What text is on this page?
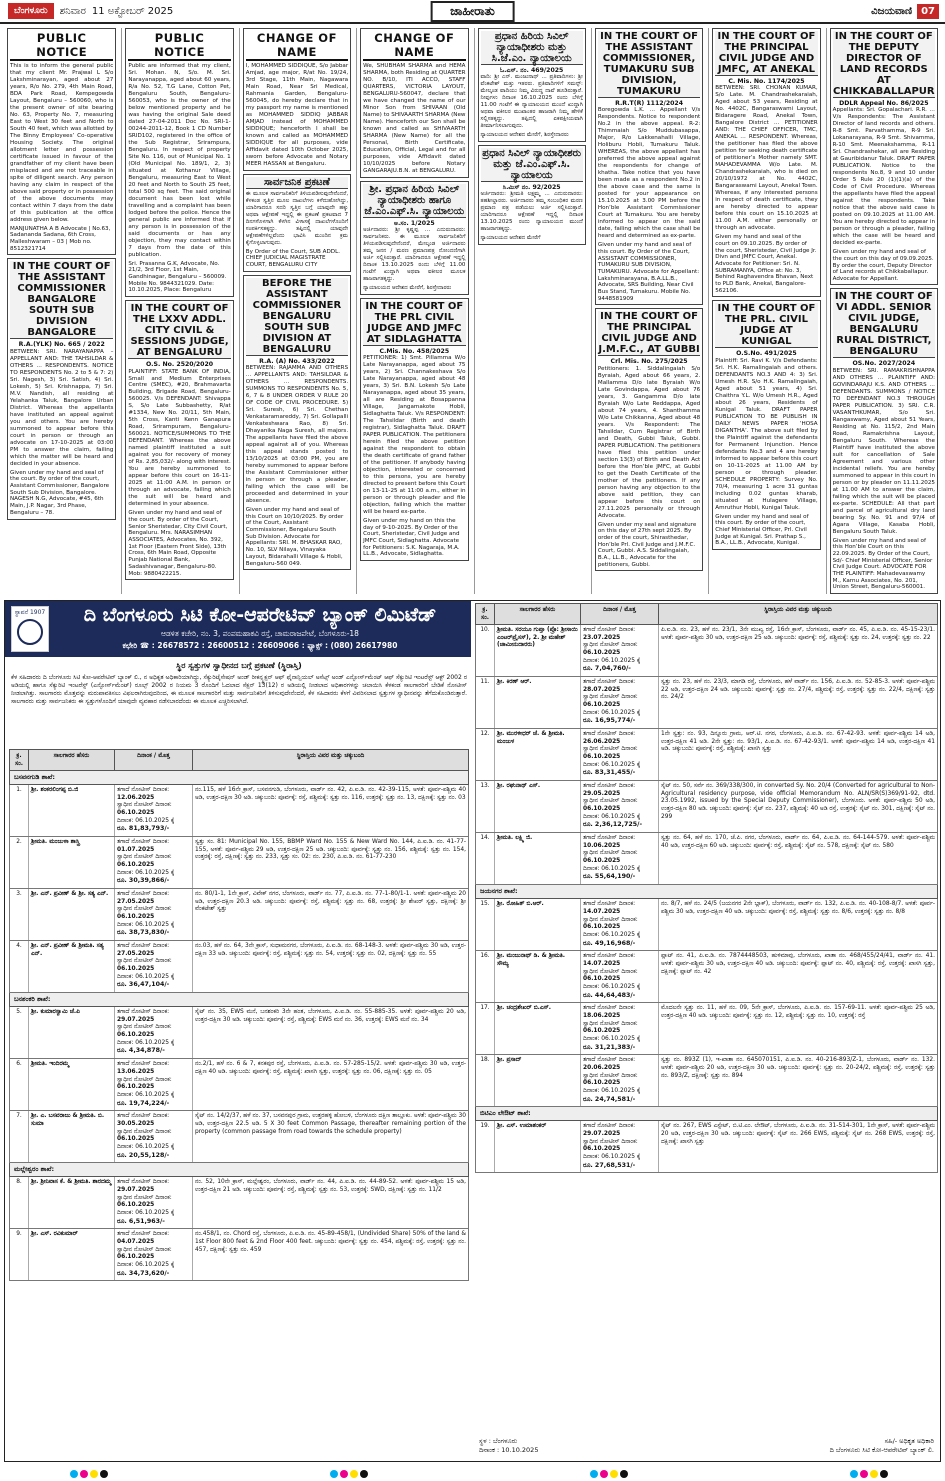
ಬೆಂಗಳೂರು	ಶನಿವಾರ 11 ಅಕ್ಟೋಬರ್ 2025	ಜಾಹೀರಾತು	ವಿಜಯವಾಣಿ 07
PUBLIC NOTICE
This is to inform the general public that my client Mr. Prajwal L S/o Lakshminarayan, aged about 27 years, R/o No. 279, 4th Main Road, BDA Park Road, Kempegowda Layout, Bengaluru – 560060, who is the present owner of site bearing No. 63, Property No. 7, measuring East to West 30 feet and North to South 40 feet, which was allotted by The Binny Employees’ Co-operative Housing Society. The original allotment letter and possession certificate issued in favour of the grandfather of my client have been misplaced and are not traceable in spite of diligent search. Any person having any claim in respect of the above said property or in possession of the above documents may contact within 7 days from the date of this publication at the office address given below.
MANJUNATHA A B Advocate | No.63, Sadananda Sadana, 6th Cross, Malleshwaram – 03 | Mob no. 8512321714
IN THE COURT OF THE ASSISTANT COMMISSIONER BANGALORE SOUTH SUB DIVISION BANGALORE
R.A.(YLK) No. 665 / 2022
BETWEEN: SRI. NARAYANAPPA – APPELLANT AND: THE TAHSILDAR & OTHERS … RESPONDENTS. NOTICE TO RESPONDENTS No. 2 to 5 & 7: 2) Sri. Nagesh, 3) Sri. Satish, 4) Sri. Lokesh, 5) Sri. Krishnappa, 7) Sri. M.V. Nandish, all residing at Yelahanka Taluk, Bangalore Urban District. Whereas the appellants have instituted an appeal against you and others. You are hereby summoned to appear before this court in person or through an advocate on 17-10-2025 at 03:00 PM to answer the claim, failing which the matter will be heard and decided in your absence.
Given under my hand and seal of the court. By order of the court, Assistant Commissioner, Bangalore South Sub Division, Bangalore. NAGESH N.G, Advocate, #45, 6th Main, J.P. Nagar, 3rd Phase, Bengaluru – 78.
PUBLIC NOTICE
Public are informed that my client, Sri. Mohan. N, S/o. M. Sri. Narayanappa, aged about 60 years, R/a No. 52, T.G Lane, Cotton Pet, Bengaluru South, Bengaluru-560053, who is the owner of the below mentioned property and he was having the original Sale deed dated 27-04-2011 Doc No. SRI-1-00244-2011-12, Book 1 CD Number SRID102, registered in the office of the Sub Registrar, Srirampura, Bengaluru. In respect of property Site No. 116, out of Municipal No. 1 (Old Municipal No. 189/1, 2, 3) situated at Kothanur Village, Bengaluru, measuring East to West 20 feet and North to South 25 feet, total 500 sq feet. The said original document has been lost while travelling and a complaint has been lodged before the police. Hence the general public are informed that if any person is in possession of the said documents or has any objection, they may contact within 7 days from the date of this publication.
Sri. Prasanna G.K, Advocate, No. 21/2, 3rd Floor, 1st Main, Gandhinagar, Bengaluru – 560009. Mobile No. 9844321029. Date: 10.10.2025, Place: Bengaluru
IN THE COURT OF THE LXXV ADDL. CITY CIVIL & SESSIONS JUDGE, AT BENGALURU
O.S. No. 2520/2020
PLAINTIFF: STATE BANK OF INDIA, Small and Medium Enterprises Centre (SMEC), #20, Brahmavarta Building, Brigade Road, Bengaluru-560025. V/s DEFENDANT: Shivappa S, S/o Late Subbashetty, R/at #1334, New No. 20/11, 5th Main, 5th Cross, Kanti Kenn Ganapura Road, Srirampuram, Bengaluru-560021. NOTICE/SUMMONS TO THE DEFENDANT. Whereas the above named plaintiff instituted a suit against you for recovery of money of Rs. 2,85,032/- along with interest. You are hereby summoned to appear before this court on 16-11-2025 at 11:00 A.M. in person or through an advocate, failing which the suit will be heard and determined in your absence.
Given under my hand and seal of the court. By order of the Court, Senior Sheristedar, City Civil Court, Bengaluru. Mrs. NARASIMHAN ASSOCIATES, Advocates, No. 392, 1st Floor (Eastern Front Side), 13th Cross, 6th Main Road, Opposite Punjab National Bank, Sadashivanagar, Bengaluru-80. Mob: 9880422215.
CHANGE OF NAME
I, MOHAMMED SIDDIQUE, S/o Jabbar Amjad, age major, R/at No. 19/24, 3rd Stage, 11th Main, Nagawara Main Road, Near Sri Medical, Rahmania Garden, Bengaluru-560045, do hereby declare that in my passport my name is mentioned as MOHAMMED SIDDIQ JABBAR AMJAD instead of MOHAMMED SIDDIQUE; henceforth I shall be known and called as MOHAMMED SIDDIQUE for all purposes, vide Affidavit dated 10th October 2025, sworn before Advocate and Notary MEER HASSAN at Bengaluru.
ಸಾರ್ವಜನಿಕ ಪ್ರಕಟಣೆ
ಈ ಮೂಲಕ ಸಾರ್ವಜನಿಕರಿಗೆ ತಿಳಿಯಪಡಿಸುವುದೇನೆಂದರೆ, ಕೆಳಕಂಡ ಸ್ವತ್ತಿನ ಮೂಲ ದಾಖಲೆಗಳು ಕಳೆದುಹೋಗಿದ್ದು, ಯಾರಿಗಾದರೂ ಸದರಿ ಸ್ವತ್ತಿನ ಬಗ್ಗೆ ಯಾವುದೇ ಹಕ್ಕು ಅಥವಾ ಆಕ್ಷೇಪಣೆ ಇದ್ದಲ್ಲಿ ಈ ಪ್ರಕಟಣೆ ಪ್ರಕಟವಾದ 7 ದಿನಗಳೊಳಗಾಗಿ ಕೆಳಗಿನ ವಿಳಾಸಕ್ಕೆ ದಾಖಲೆಗಳೊಂದಿಗೆ ಸಂಪರ್ಕಿಸತಕ್ಕದ್ದು. ತಪ್ಪಿದಲ್ಲಿ ಯಾವುದೇ ಆಕ್ಷೇಪಣೆಗಳಿಲ್ಲವೆಂದು ಭಾವಿಸಿ ಮುಂದಿನ ಕ್ರಮ ಕೈಗೊಳ್ಳಲಾಗುವುದು.
By Order of the Court, SUB ADDL. CHIEF JUDICIAL MAGISTRATE COURT, BENGALURU CITY
BEFORE THE ASSISTANT COMMISSIONER BENGALURU SOUTH SUB DIVISION AT BENGALURU
R.A. (A) No. 433/2022
BETWEEN: RAJAMMA AND OTHERS … APPELLANTS AND: TAHSILDAR & OTHERS … RESPONDENTS. SUMMONS TO RESPONDENTS No. 5, 6, 7 & 8 UNDER ORDER V RULE 20 OF CODE OF CIVIL PROCEDURE. 5) Sri. Suresh, 6) Sri. Chethan Venkataramareddy, 7) Sri. Gollapalli Venkateshwara Rao, 8) Sri. Dhayanika Naga Suresh, all majors. The appellants have filed the above appeal against all of you. Whereas this appeal stands posted to 13/10/2025 at 03:00 PM, you are hereby summoned to appear before the Assistant Commissioner either in person or through a pleader, failing which the case will be proceeded and determined in your absence.
Given under my hand and seal of this Court on 10/10/2025. By order of the Court, Assistant Commissioner, Bengaluru South Sub Division. Advocate for Appellants: SRI. M. BHASKAR RAO, No. 10, SLV Nilaya, Vinayaka Layout, Bidarahalli Village & Hobli, Bengaluru-560 049.
CHANGE OF NAME
We, SHUBHAM SHARMA and HEMA SHARMA, both Residing at QUARTER NO. B/10, ITI ACCO, STAFF QUARTERS, VICTORIA LAYOUT, BENGALURU-560047, declare that we have changed the name of our Minor Son from SHIVAAN (Old Name) to SHIVAARTH SHARMA (New Name). Henceforth our Son shall be known and called as SHIVAARTH SHARMA (New Name) for all the Personal, Birth Certificate, Education, Official, Legal and for all purposes, vide Affidavit dated 10/10/2025 before Notary GANGARAJU.B.N. at BENGALURU.
ಶ್ರೀ. ಪ್ರಧಾನ ಹಿರಿಯ ಸಿವಿಲ್ ನ್ಯಾಯಾಧೀಶರು ಹಾಗೂ ಜೆ.ಎಂ.ಎಫ್.ಸಿ. ನ್ಯಾಯಾಲಯ
ಅ.ಸಂ. 1/2025
ಅರ್ಜಿದಾರರು: ಶ್ರೀ ಕೃಷ್ಣಪ್ಪ ... ಎದುರುದಾರರು: ಸಾರ್ವಜನಿಕರು. ಈ ಮೂಲಕ ಸಾರ್ವಜನಿಕರಿಗೆ ತಿಳಿಯಪಡಿಸುವುದೇನೆಂದರೆ, ಮೇಲ್ಕಂಡ ಅರ್ಜಿದಾರರು ತಮ್ಮ ಜನನ / ಮರಣ ಪ್ರಮಾಣಪತ್ರ ನೋಂದಣಿಗಾಗಿ ಅರ್ಜಿ ಸಲ್ಲಿಸಿರುತ್ತಾರೆ. ಯಾರಿಗಾದರೂ ಆಕ್ಷೇಪಣೆ ಇದ್ದಲ್ಲಿ ದಿನಾಂಕ 13.10.2025 ರಂದು ಬೆಳಿಗ್ಗೆ 11.00 ಗಂಟೆಗೆ ಖುದ್ದಾಗಿ ಅಥವಾ ವಕೀಲರ ಮೂಲಕ ಹಾಜರಾಗತಕ್ಕದ್ದು.
ನ್ಯಾಯಾಲಯದ ಆದೇಶದ ಮೇರೆಗೆ, ಶಿರಸ್ತೇದಾರರು
IN THE COURT OF THE PRL CIVIL JUDGE AND JMFC AT SIDLAGHATTA
C.Mis. No. 458/2025
PETITIONER: 1) Smt. Pillamma W/o Late Narayanappa, aged about 75 years, 2) Sri. Channakeshava S/o Late Narayanappa, aged about 48 years, 3) Sri. B.N. Lokesh S/o Late Narayanappa, aged about 35 years, all are Residing at Bosappanna Village, Jangamakote Hobli, Sidlaghatta Taluk. V/s RESPONDENT: The Tahsildar (Birth and death registrar), Sidlaghatta Taluk. DRAFT PAPER PUBLICATION. The petitioners herein filed the above petition against the respondent to obtain the death certificate of grand father of the petitioner. If anybody having objection, interested or concerned to this persons, you are hereby directed to present before this Court on 13-11-25 at 11:00 a.m., either in person or through pleader and file objection, failing which the matter will be heard ex-parte.
Given under my hand on this the day of 9-10-2025. By Order of the Court, Sheristedar, Civil Judge and JMFC Court, Sidlaghatta. Advocate for Petitioners: S.K. Nagaraja, M.A. LL.B., Advocate, Sidlaghatta.
ಪ್ರಧಾನ ಹಿರಿಯ ಸಿವಿಲ್ ನ್ಯಾಯಾಧೀಶರು ಮತ್ತು ಸಿ.ಜೆ.ಎಂ. ನ್ಯಾಯಾಲಯ
ಓ.ಎಸ್. ನಂ. 469/2025
ವಾದಿ: ಶ್ರೀ ಎನ್. ಮಂಜುನಾಥ್ ... ಪ್ರತಿವಾದಿಗಳು: ಶ್ರೀ ವೆಂಕಟೇಶ್ ಮತ್ತು ಇತರರು. ಪ್ರತಿವಾದಿಗಳಿಗೆ ಸಮನ್ಸ್: ಮೇಲ್ಕಂಡ ವಾದಿಯು ನಿಮ್ಮ ವಿರುದ್ಧ ದಾವೆ ಹೂಡಿರುತ್ತಾರೆ. ನೀವುಗಳು ದಿನಾಂಕ 16.10.2025 ರಂದು ಬೆಳಿಗ್ಗೆ 11.00 ಗಂಟೆಗೆ ಈ ನ್ಯಾಯಾಲಯದ ಮುಂದೆ ಖುದ್ದಾಗಿ ಅಥವಾ ವಕೀಲರ ಮುಖಾಂತರ ಹಾಜರಾಗಿ ನಿಮ್ಮ ಹೇಳಿಕೆ ಸಲ್ಲಿಸತಕ್ಕದ್ದು. ತಪ್ಪಿದಲ್ಲಿ ಏಕಪಕ್ಷೀಯವಾಗಿ ತೀರ್ಮಾನಿಸಲಾಗುವುದು.
ನ್ಯಾಯಾಲಯದ ಆದೇಶದ ಮೇರೆಗೆ, ಶಿರಸ್ತೇದಾರರು
ಪ್ರಧಾನ ಸಿವಿಲ್ ನ್ಯಾಯಾಧೀಶರು ಮತ್ತು ಜೆ.ಎಂ.ಎಫ್.ಸಿ. ನ್ಯಾಯಾಲಯ
ಸಿ.ಮಿಸ್ ನಂ. 92/2025
ಅರ್ಜಿದಾರರು: ಶ್ರೀಮತಿ ಲಕ್ಷ್ಮಮ್ಮ ... ಎದುರುದಾರರು: ತಹಶೀಲ್ದಾರರು. ಅರ್ಜಿದಾರರು ತಮ್ಮ ಸಂಬಂಧಿಕರ ಮರಣ ಪ್ರಮಾಣ ಪತ್ರ ಪಡೆಯಲು ಅರ್ಜಿ ಸಲ್ಲಿಸಿರುತ್ತಾರೆ. ಯಾರಿಗಾದರೂ ಆಕ್ಷೇಪಣೆ ಇದ್ದಲ್ಲಿ ದಿನಾಂಕ 13.10.2025 ರಂದು ನ್ಯಾಯಾಲಯದ ಮುಂದೆ ಹಾಜರಾಗತಕ್ಕದ್ದು.
ನ್ಯಾಯಾಲಯದ ಆದೇಶದ ಮೇರೆಗೆ
IN THE COURT OF THE ASSISTANT COMMISSIONER, TUMAKURU SUB DIVISION, TUMAKURU
R.R.T(R) 1112/2024
Boregowda L.K. … Appellant V/s Respondents. Notice to respondent No.2 in the above appeal. R-2: Thimmaiah S/o Muddubasappa, Major, R/o Lakkenahalli Village, Holiburu Hobli, Tumakuru Taluk. WHEREAS, the above appellant has preferred the above appeal against the respondents for change of khatha. Take notice that you have been made as a respondent No.2 in the above case and the same is posted for your appearance on 15.10.2025 at 3.00 PM before the Hon’ble Assistant Commissioner Court at Tumakuru. You are hereby informed to appear on the said date, failing which the case shall be heard and determined as ex-parte.
Given under my hand and seal of this court. By Order of the Court, ASSISTANT COMMISSIONER, TUMAKURU SUB DIVISION, TUMAKURU. Advocate for Appellant: Lakshminarayana, B.A.LL.B., Advocate, SRS Building, Near Civil Bus Stand, Tumakuru. Mobile No. 9448581909
IN THE COURT OF THE PRINCIPAL CIVIL JUDGE AND J.M.F.C., AT GUBBI
Crl. Mis. No. 275/2025
Petitioners: 1. Siddalingaiah S/o Byraiah, Aged about 66 years, 2. Mallamma D/o late Byraiah W/o Late Govindappa, Aged about 76 years, 3. Gangamma D/o late Byraiah W/o Late Reddappa, Aged about 74 years, 4. Shanthamma W/o Late Chikkanna, Aged about 48 years. V/s Respondent: The Tahsildar, Cum Registrar of Birth and Death, Gubbi Taluk, Gubbi. PAPER PUBLICATION. The petitioners have filed this petition under section 13(3) of Birth and Death Act before the Hon’ble JMFC, at Gubbi to get the Death Certificate of the mother of the petitioners. If any person having any objection to the above said petition, they can appear before this court on 27.11.2025 personally or through Advocate.
Given under my seal and signature on this day of 27th sept 2025. By order of the court, Shirasthedar, Hon’ble Prl. Civil Judge and J.M.F.C. Court, Gubbi. A.S. Siddalingaiah, B.A., LL.B., Advocate for the petitioners, Gubbi.
IN THE COURT OF THE PRINCIPAL CIVIL JUDGE AND JMFC, AT ANEKAL
C. Mis. No. 1174/2025
BETWEEN: SRI. CHONAN KUMAR, S/o Late. M. Chandrashekaraiah, Aged about 53 years, Residing at No. 4402C, Bangaraswami Layout, Bidaragere Road, Anekal Town, Bangalore District … PETITIONER AND: THE CHIEF OFFICER, TMC, ANEKAL … RESPONDENT. Whereas, the petitioner has filed the above petition for seeking death certificate of petitioner’s Mother namely SMT. MAHADEVAMMA W/o Late. M. Chandrashekaraiah, who is died on 20/10/1972 at No. 4402C, Bangaraswami Layout, Anekal Town. Whereas, if any interested persons in respect of death certificate, they are hereby directed to appear before this court on 15.10.2025 at 11.00 A.M. either personally or through an advocate.
Given my hand and seal of the court on 09.10.2025. By order of the court, Sheristedar, Civil Judge Jr. Divn and JMFC Court, Anekal. Advocate for Petitioner: Sri. N. SUBRAMANYA, Office at: No. 3, Behind Raghavendra Bhavan, Next to PLD Bank, Anekal, Bangalore-562106.
IN THE COURT OF THE PRL. CIVIL JUDGE AT KUNIGAL
O.S.No. 491/2025
Plaintiff: Sri. Ravi K. V/s Defendants: Sri. H.K. Ramalingaiah and others. DEFENDANTS NO.3 AND 4: 3) Sri. Umesh H.R. S/o H.K. Ramalingaiah, Aged about 51 years, 4) Sri. Chaithra Y.L. W/o Umesh H.R., Aged about 26 years, Residents of Kunigal Taluk. DRAFT PAPER PUBLICATION TO BE PUBLISH IN DAILY NEWS PAPER ‘HOSA DIGANTHA’. The above suit filed by the Plaintiff against the defendants for Permanent Injunction. Hence defendants No.3 and 4 are hereby informed to appear before this court on 10-11-2025 at 11.00 AM by person or through pleader. SCHEDULE PROPERTY: Survey No. 70/4, measuring 1 acre 31 guntas including 0.02 guntas kharab, situated at Hulagere Village, Amruthur Hobli, Kunigal Taluk.
Given under my hand and seal of this court. By order of the court, Chief Ministerial Officer, Prl. Civil Judge at Kunigal. Sri. Prathap S., B.A., LL.B., Advocate, Kunigal.
IN THE COURT OF THE DEPUTY DIRECTOR OF LAND RECORDS AT CHIKKABALLAPUR
DDLR Appeal No. 86/2025
Appellants: Sri. Gopalachari. R.R. … V/s Respondents: The Assistant Director of land records and others. R-8 Smt. Parvathamma, R-9 Sri. Lokanarayana, R-9 Smt. Shivamma, R-10 Smt. Meenakshamma, R-11 Sri. Chandrashekar, all are Residing at Gauribidanur Taluk. DRAFT PAPER PUBLICATION. Notice to the respondents No.8, 9 and 10 under Order 5 Rule 20 (1)(1)(a) of the Code of Civil Procedure. Whereas the appellants have filed the appeal against the respondents. Take notice that the above said case is posted on 09.10.2025 at 11.00 AM. You are hereby directed to appear in person or through a pleader, failing which the case will be heard and decided ex-parte.
Given under my hand and seal of the court on this day of 09.09.2025. By order the court, Deputy Director of Land records at Chikkaballapur. Advocate for Appellant.
IN THE COURT OF VI ADDL. SENIOR CIVIL JUDGE, BENGALURU RURAL DISTRICT, BENGALURU
OS.No. 2027/2024
BETWEEN: SRI. RAMAKRISHNAPPA AND OTHERS … PLAINTIFF AND: GOVINDARAJU K.S. AND OTHERS … DEFENDANTS. SUMMONS / NOTICE TO DEFENDANT NO.3 THROUGH PAPER PUBLICATION. 3) SRI. C.R. VASANTHKUMAR, S/o Sri. Rangaswamy, Aged about 51 Years, Residing at No. 115/2, 2nd Main Road, Ramakrishna Layout, Bengaluru South. Whereas the Plaintiff have instituted the above suit for cancellation of Sale Agreement and various other incidental reliefs. You are hereby summoned to appear in this court in person or by pleader on 11.11.2025 at 11.00 AM to answer the claim, failing which the suit will be placed ex-parte. SCHEDULE: All that part and parcel of agricultural dry land bearing Sy. No. 91 and 97/4 of Agara Village, Kasaba Hobli, Bengaluru South Taluk.
Given under my hand and seal of this Hon’ble Court on this 22.09.2025. By Order of the Court, Sd/- Chief Ministerial Officer, Senior Civil Judge Court. ADVOCATE FOR THE PLAINTIFF: Mahadevaswamy M., Karnu Associates, No. 201, Union Street, Bengaluru-560001.
ಸ್ಥಾಪನೆ 1907	ದಿ ಬೆಂಗಳೂರು ಸಿಟಿ ಕೋ-ಆಪರೇಟಿವ್ ಬ್ಯಾಂಕ್ ಲಿಮಿಟೆಡ್
ಆಡಳಿತ ಕಚೇರಿ, ನಂ. 3, ಪಂಪಮಹಾಕವಿ ರಸ್ತೆ, ಚಾಮರಾಜಪೇಟೆ, ಬೆಂಗಳೂರು-18
ಕಛೇರಿ ☎ : 26678572 : 26600512 : 26609066 : ಫ್ಯಾಕ್ಸ್ : (080) 26617980
ಸ್ಥಿರ ಸ್ವತ್ತುಗಳ ಸ್ವಾಧೀನದ ಬಗ್ಗೆ ಪ್ರಕಟಣೆ (ಸ್ಥಿರಾಸ್ತಿ)
ಕೆಳ ಸಹಿದಾರರು ದಿ ಬೆಂಗಳೂರು ಸಿಟಿ ಕೋ-ಆಪರೇಟಿವ್ ಬ್ಯಾಂಕ್ ಲಿ., ನ ಅಧಿಕೃತ ಅಧಿಕಾರಿಯಾಗಿದ್ದು, ಸೆಕ್ಯುರಿಟೈಸೇಷನ್ ಅಂಡ್ ರೀಕನ್ಸ್ಟ್ರಕ್ಷನ್ ಆಫ್ ಫೈನಾನ್ಷಿಯಲ್ ಅಸೆಟ್ಸ್ ಅಂಡ್ ಎನ್ಫೋರ್ಸ್‌ಮೆಂಟ್ ಆಫ್ ಸೆಕ್ಯುರಿಟಿ ಇಂಟರೆಸ್ಟ್ ಆಕ್ಟ್ 2002 ರ ಅಡಿಯಲ್ಲಿ ಹಾಗೂ ಸೆಕ್ಯುರಿಟಿ ಇಂಟರೆಸ್ಟ್ (ಎನ್ಫೋರ್ಸ್‌ಮೆಂಟ್) ರೂಲ್ಸ್ 2002 ರ ನಿಯಮ 3 ರೊಂದಿಗೆ ಓದಲಾದ ಸೆಕ್ಷನ್ 13(12) ರ ಅಡಿಯಲ್ಲಿ ನೀಡಲಾದ ಅಧಿಕಾರಗಳನ್ನು ಚಲಾಯಿಸಿ ಕೆಳಕಂಡ ಸಾಲಗಾರರಿಗೆ ಬೇಡಿಕೆ ನೋಟೀಸ್ ನೀಡಲಾಗಿತ್ತು. ಸಾಲಗಾರರು ಮೊತ್ತವನ್ನು ಮರುಪಾವತಿಸಲು ವಿಫಲರಾಗಿರುವುದರಿಂದ, ಈ ಮೂಲಕ ಸಾಲಗಾರರಿಗೆ ಮತ್ತು ಸಾರ್ವಜನಿಕರಿಗೆ ತಿಳಿಸುವುದೇನೆಂದರೆ, ಕೆಳ ಸಹಿದಾರರು ಕೆಳಗೆ ವಿವರಿಸಲಾದ ಸ್ವತ್ತುಗಳ ಸ್ವಾಧೀನವನ್ನು ತೆಗೆದುಕೊಂಡಿರುತ್ತಾರೆ. ಸಾಲಗಾರರು ಮತ್ತು ಸಾರ್ವಜನಿಕರು ಈ ಸ್ವತ್ತುಗಳೊಂದಿಗೆ ಯಾವುದೇ ವ್ಯವಹಾರ ನಡೆಸಬಾರದೆಂದು ಈ ಮೂಲಕ ಎಚ್ಚರಿಸಲಾಗಿದೆ.
ಕ್ರ. ಸಂ.
ಸಾಲಗಾರರ ಹೆಸರು	ದಿನಾಂಕ / ಮೊತ್ತ	ಸ್ಥಿರಾಸ್ತಿಯ ವಿವರ ಮತ್ತು ಚಕ್ಕುಬಂದಿ
ಬಸವನಗುಡಿ ಶಾಖೆ:
1.	ಶ್ರೀ. ಶಂಕರಲಿಂಗಪ್ಪ ಬಿ.ಜಿ	ತಗಾದೆ ನೋಟೀಸ್ ದಿನಾಂಕ: 12.06.2025
ಸ್ವಾಧೀನ ನೋಟೀಸ್ ದಿನಾಂಕ: 06.10.2025
ದಿನಾಂಕ: 06.10.2025 ಕ್ಕೆ
ರೂ. 81,83,793/-
ನಂ.115, ಹಳೆ 16ನೇ ಕ್ರಾಸ್, ಬಸವನಗುಡಿ, ಬೆಂಗಳೂರು, ವಾರ್ಡ್ ನಂ. 42, ಪಿ.ಐ.ಡಿ. ನಂ. 42-39-115, ಅಳತೆ: ಪೂರ್ವ-ಪಶ್ಚಿಮ 40 ಅಡಿ, ಉತ್ತರ-ದಕ್ಷಿಣ 30 ಅಡಿ. ಚಕ್ಕುಬಂದಿ: ಪೂರ್ವಕ್ಕೆ: ರಸ್ತೆ, ಪಶ್ಚಿಮಕ್ಕೆ: ಸ್ವತ್ತು ನಂ. 116, ಉತ್ತರಕ್ಕೆ: ಸ್ವತ್ತು ನಂ. 13, ದಕ್ಷಿಣಕ್ಕೆ: ಸ್ವತ್ತು ನಂ. 03
2.	ಶ್ರೀಮತಿ. ಮಂಜುಳಾ ಶಾಸ್ತ್ರಿ	ತಗಾದೆ ನೋಟೀಸ್ ದಿನಾಂಕ: 01.07.2025
ಸ್ವಾಧೀನ ನೋಟೀಸ್ ದಿನಾಂಕ: 06.10.2025
ದಿನಾಂಕ: 06.10.2025 ಕ್ಕೆ
ರೂ. 30,39,866/-
ಸ್ವತ್ತು ಸಂ. 81: Municipal No. 155, BBMP Ward No. 155 & New Ward No. 144, ಪಿ.ಐ.ಡಿ. ನಂ. 41-77-155, ಅಳತೆ: ಪೂರ್ವ-ಪಶ್ಚಿಮ 29 ಅಡಿ, ಉತ್ತರ-ದಕ್ಷಿಣ 25 ಅಡಿ. ಚಕ್ಕುಬಂದಿ: ಪೂರ್ವಕ್ಕೆ: ಸ್ವತ್ತು ನಂ. 156, ಪಶ್ಚಿಮಕ್ಕೆ: ಸ್ವತ್ತು ನಂ. 154, ಉತ್ತರಕ್ಕೆ: ರಸ್ತೆ, ದಕ್ಷಿಣಕ್ಕೆ: ಸ್ವತ್ತು ನಂ. 233, ಸ್ವತ್ತು ಸಂ. 02: ನಂ. 230, ಪಿ.ಐ.ಡಿ. ನಂ. 61-77-230
3.	ಶ್ರೀ. ಎನ್. ಪ್ರವೀಣ್ & ಶ್ರೀ. ಸತ್ಯ ಎನ್.	ತಗಾದೆ ನೋಟೀಸ್ ದಿನಾಂಕ: 27.05.2025
ಸ್ವಾಧೀನ ನೋಟೀಸ್ ದಿನಾಂಕ: 06.10.2025
ದಿನಾಂಕ: 06.10.2025 ಕ್ಕೆ
ರೂ. 38,73,830/-
ನಂ. 80/1-1, 1ನೇ ಕ್ರಾಸ್, ವಿವೇಕ್ ನಗರ, ಬೆಂಗಳೂರು, ವಾರ್ಡ್ ನಂ. 77, ಪಿ.ಐ.ಡಿ. ನಂ. 77-1-80/1-1. ಅಳತೆ: ಪೂರ್ವ-ಪಶ್ಚಿಮ 20 ಅಡಿ, ಉತ್ತರ-ದಕ್ಷಿಣ 20.3 ಅಡಿ. ಚಕ್ಕುಬಂದಿ: ಪೂರ್ವಕ್ಕೆ: ರಸ್ತೆ, ಪಶ್ಚಿಮಕ್ಕೆ: ಸ್ವತ್ತು ನಂ. 68, ಉತ್ತರಕ್ಕೆ: ಶ್ರೀ ಶೇಖರ್ ಸ್ವತ್ತು, ದಕ್ಷಿಣಕ್ಕೆ: ಶ್ರೀ ವೆಂಕಟೇಶ್ ಸ್ವತ್ತು
4.	ಶ್ರೀ. ಎನ್. ಪ್ರವೀಣ್ & ಶ್ರೀಮತಿ. ಸತ್ಯ ಎನ್.
ತಗಾದೆ ನೋಟೀಸ್ ದಿನಾಂಕ: 27.05.2025
ಸ್ವಾಧೀನ ನೋಟೀಸ್ ದಿನಾಂಕ: 06.10.2025
ದಿನಾಂಕ: 06.10.2025 ಕ್ಕೆ
ರೂ. 36,47,104/-
ನಂ.03, ಹಳೆ ನಂ. 64, 3ನೇ ಕ್ರಾಸ್, ಸುಧಾಮನಗರ, ಬೆಂಗಳೂರು, ಪಿ.ಐ.ಡಿ. ನಂ. 68-148-3. ಅಳತೆ: ಪೂರ್ವ-ಪಶ್ಚಿಮ 30 ಅಡಿ, ಉತ್ತರ-ದಕ್ಷಿಣ 33 ಅಡಿ. ಚಕ್ಕುಬಂದಿ: ಪೂರ್ವಕ್ಕೆ: ರಸ್ತೆ, ಪಶ್ಚಿಮಕ್ಕೆ: ಸ್ವತ್ತು ನಂ. 54, ಉತ್ತರಕ್ಕೆ: ಸ್ವತ್ತು ನಂ. 02, ದಕ್ಷಿಣಕ್ಕೆ: ಸ್ವತ್ತು ನಂ. 55
ಬನಶಂಕರಿ ಶಾಖೆ:
5.	ಶ್ರೀ. ಕುಮಾರಸ್ವಾಮಿ ಜೆ.ಪಿ	ತಗಾದೆ ನೋಟೀಸ್ ದಿನಾಂಕ: 29.07.2025
ಸ್ವಾಧೀನ ನೋಟೀಸ್ ದಿನಾಂಕ: 06.10.2025
ದಿನಾಂಕ: 06.10.2025 ಕ್ಕೆ
ರೂ. 4,34,878/-
ಸೈಟ್ ನಂ. 35, EWS ಮನೆ, ಬನಶಂಕರಿ 3ನೇ ಹಂತ, ಬೆಂಗಳೂರು, ಪಿ.ಐ.ಡಿ. ನಂ. 55-885-35. ಅಳತೆ: ಪೂರ್ವ-ಪಶ್ಚಿಮ 20 ಅಡಿ, ಉತ್ತರ-ದಕ್ಷಿಣ 30 ಅಡಿ. ಚಕ್ಕುಬಂದಿ: ಪೂರ್ವಕ್ಕೆ: ರಸ್ತೆ, ಪಶ್ಚಿಮಕ್ಕೆ: EWS ಮನೆ ನಂ. 36, ಉತ್ತರಕ್ಕೆ: EWS ಮನೆ ನಂ. 34
6.	ಶ್ರೀಮತಿ. ಇಂದಿರಮ್ಮ	ತಗಾದೆ ನೋಟೀಸ್ ದಿನಾಂಕ: 13.06.2025
ಸ್ವಾಧೀನ ನೋಟೀಸ್ ದಿನಾಂಕ: 06.10.2025
ದಿನಾಂಕ: 06.10.2025 ಕ್ಕೆ
ರೂ. 19,74,224/-
ನಂ.2/1, ಹಳೆ ನಂ. 6 & 7, ಕನಕಪುರ ರಸ್ತೆ, ಬೆಂಗಳೂರು, ಪಿ.ಐ.ಡಿ. ನಂ. 57-285-15/2. ಅಳತೆ: ಪೂರ್ವ-ಪಶ್ಚಿಮ 30 ಅಡಿ, ಉತ್ತರ-ದಕ್ಷಿಣ 40 ಅಡಿ. ಚಕ್ಕುಬಂದಿ: ಪೂರ್ವಕ್ಕೆ: ರಸ್ತೆ, ಪಶ್ಚಿಮಕ್ಕೆ: ಖಾಸಗಿ ಸ್ವತ್ತು, ಉತ್ತರಕ್ಕೆ: ಸ್ವತ್ತು ನಂ. 06, ದಕ್ಷಿಣಕ್ಕೆ: ಸ್ವತ್ತು ನಂ. 05
7.	ಶ್ರೀ. ಎ. ಬಸವರಾಜು & ಶ್ರೀಮತಿ. ಬಿ. ಸುಮಾ
ತಗಾದೆ ನೋಟೀಸ್ ದಿನಾಂಕ: 30.05.2025
ಸ್ವಾಧೀನ ನೋಟೀಸ್ ದಿನಾಂಕ: 06.10.2025
ದಿನಾಂಕ: 06.10.2025 ಕ್ಕೆ
ರೂ. 20,55,128/-
ಸೈಟ್ ನಂ. 14/2/37, ಹಳೆ ನಂ. 37, ಬಸವನಪುರ ಗ್ರಾಮ, ಉತ್ತರಹಳ್ಳಿ ಹೋಬಳಿ, ಬೆಂಗಳೂರು ದಕ್ಷಿಣ ತಾಲ್ಲೂಕು. ಅಳತೆ: ಪೂರ್ವ-ಪಶ್ಚಿಮ 30 ಅಡಿ, ಉತ್ತರ-ದಕ್ಷಿಣ 22.5 ಅಡಿ. 5 X 30 feet Common Passage, thereafter remaining portion of the property (common passage from road towards the schedule property)
ಮಲ್ಲೇಶ್ವರಂ ಶಾಖೆ:
8.	ಶ್ರೀ. ಶ್ರೀನಿವಾಸ ಕೆ. & ಶ್ರೀಮತಿ. ಶಾರದಮ್ಮ ತಗಾದೆ ನೋಟೀಸ್ ದಿನಾಂಕ: 29.07.2025
ಸ್ವಾಧೀನ ನೋಟೀಸ್ ದಿನಾಂಕ: 06.10.2025
ದಿನಾಂಕ: 06.10.2025 ಕ್ಕೆ
ರೂ. 6,51,963/-
ನಂ. 52, 10ನೇ ಕ್ರಾಸ್, ಮಲ್ಲೇಶ್ವರಂ, ಬೆಂಗಳೂರು, ವಾರ್ಡ್ ನಂ. 44, ಪಿ.ಐ.ಡಿ. ನಂ. 44-89-52. ಅಳತೆ: ಪೂರ್ವ-ಪಶ್ಚಿಮ 15 ಅಡಿ, ಉತ್ತರ-ದಕ್ಷಿಣ 21 ಅಡಿ. ಚಕ್ಕುಬಂದಿ: ಪೂರ್ವಕ್ಕೆ: ರಸ್ತೆ, ಪಶ್ಚಿಮಕ್ಕೆ: ಸ್ವತ್ತು ನಂ. 53, ಉತ್ತರಕ್ಕೆ: SWD, ದಕ್ಷಿಣಕ್ಕೆ: ಸ್ವತ್ತು ನಂ. 11/2
9.	ಶ್ರೀ. ಎಸ್. ರವಿಕುಮಾರ್	ತಗಾದೆ ನೋಟೀಸ್ ದಿನಾಂಕ: 04.07.2025
ಸ್ವಾಧೀನ ನೋಟೀಸ್ ದಿನಾಂಕ: 06.10.2025
ದಿನಾಂಕ: 06.10.2025 ಕ್ಕೆ
ರೂ. 34,73,620/-
ನಂ.458/1, ನಂ. Chord ರಸ್ತೆ, ಬೆಂಗಳೂರು, ಪಿ.ಐ.ಡಿ. ನಂ. 45-89-458/1, (Undivided Share) 50% of the land & 1st Floor 800 feet & 2nd Floor 400 feet. ಚಕ್ಕುಬಂದಿ: ಪೂರ್ವಕ್ಕೆ: ಸ್ವತ್ತು ನಂ. 454, ಪಶ್ಚಿಮಕ್ಕೆ: ರಸ್ತೆ, ಉತ್ತರಕ್ಕೆ: ಸ್ವತ್ತು ನಂ. 457, ದಕ್ಷಿಣಕ್ಕೆ: ಸ್ವತ್ತು ನಂ. 459
ಕ್ರ. ಸಂ.
ಸಾಲಗಾರರ ಹೆಸರು	ದಿನಾಂಕ / ಮೊತ್ತ	ಸ್ಥಿರಾಸ್ತಿಯ ವಿವರ ಮತ್ತು ಚಕ್ಕುಬಂದಿ
10.	ಶ್ರೀಮತಿ. ಸರಯೂ ಗುಪ್ತಾ (ಪ್ರೊ: ಶ್ರೀಸಾಯಿ ಎಂಟರ್‌ಪ್ರೈಸಸ್), 2. ಶ್ರೀ ಮಹೇಶ್ (ಜಾಮೀನುದಾರರು)
ತಗಾದೆ ನೋಟೀಸ್ ದಿನಾಂಕ: 23.07.2025
ಸ್ವಾಧೀನ ನೋಟೀಸ್ ದಿನಾಂಕ: 06.10.2025
ದಿನಾಂಕ: 06.10.2025 ಕ್ಕೆ
ರೂ. 7,04,760/-
ಪಿ.ಐ.ಡಿ. ನಂ. 23, ಹಳೆ ನಂ. 23/1, 3ನೇ ಮುಖ್ಯ ರಸ್ತೆ, 16ನೇ ಕ್ರಾಸ್, ಬೆಂಗಳೂರು, ವಾರ್ಡ್ ನಂ. 45, ಪಿ.ಐ.ಡಿ. ನಂ. 45-15-23/1. ಅಳತೆ: ಪೂರ್ವ-ಪಶ್ಚಿಮ 30 ಅಡಿ, ಉತ್ತರ-ದಕ್ಷಿಣ 25 ಅಡಿ. ಚಕ್ಕುಬಂದಿ: ಪೂರ್ವಕ್ಕೆ: ರಸ್ತೆ, ಪಶ್ಚಿಮಕ್ಕೆ: ಸ್ವತ್ತು ನಂ. 24, ಉತ್ತರಕ್ಕೆ: ಸ್ವತ್ತು ನಂ. 22
11.	ಶ್ರೀ. ಕಿರಣ್ ಆರ್.	ತಗಾದೆ ನೋಟೀಸ್ ದಿನಾಂಕ: 28.07.2025
ಸ್ವಾಧೀನ ನೋಟೀಸ್ ದಿನಾಂಕ: 06.10.2025
ದಿನಾಂಕ: 06.10.2025 ಕ್ಕೆ
ರೂ. 16,95,774/-
ಸ್ವತ್ತು ನಂ. 23, ಹಳೆ ನಂ. 23/3, ಮಾಗಡಿ ರಸ್ತೆ, ಬೆಂಗಳೂರು, ಹಳೆ ವಾರ್ಡ್ ನಂ. 156, ಪಿ.ಐ.ಡಿ. ನಂ. 52-85-3. ಅಳತೆ: ಪೂರ್ವ-ಪಶ್ಚಿಮ 22 ಅಡಿ, ಉತ್ತರ-ದಕ್ಷಿಣ 24 ಅಡಿ. ಚಕ್ಕುಬಂದಿ: ಪೂರ್ವಕ್ಕೆ: ಸ್ವತ್ತು ನಂ. 27/4, ಪಶ್ಚಿಮಕ್ಕೆ: ರಸ್ತೆ, ಉತ್ತರಕ್ಕೆ: ಸ್ವತ್ತು ನಂ. 22/4, ದಕ್ಷಿಣಕ್ಕೆ: ಸ್ವತ್ತು ನಂ. 24/2
12.	ಶ್ರೀ. ಮುರಳೀಧರ್ ಜೆ. & ಶ್ರೀಮತಿ. ಮಂಜುಳ
ತಗಾದೆ ನೋಟೀಸ್ ದಿನಾಂಕ: 26.06.2025
ಸ್ವಾಧೀನ ನೋಟೀಸ್ ದಿನಾಂಕ: 06.10.2025
ದಿನಾಂಕ: 06.10.2025 ಕ್ಕೆ
ರೂ. 83,31,455/-
1ನೇ ಸ್ವತ್ತು: ನಂ. 93, ದಿನ್ನೂರು ಗ್ರಾಮ, ಆರ್.ಟಿ. ನಗರ, ಬೆಂಗಳೂರು, ಪಿ.ಐ.ಡಿ. ನಂ. 67-42-93. ಅಳತೆ: ಪೂರ್ವ-ಪಶ್ಚಿಮ 14 ಅಡಿ, ಉತ್ತರ-ದಕ್ಷಿಣ 41 ಅಡಿ. 2ನೇ ಸ್ವತ್ತು: ನಂ. 93/1, ಪಿ.ಐ.ಡಿ. ನಂ. 67-42-93/1. ಅಳತೆ: ಪೂರ್ವ-ಪಶ್ಚಿಮ 14 ಅಡಿ, ಉತ್ತರ-ದಕ್ಷಿಣ 41 ಅಡಿ. ಚಕ್ಕುಬಂದಿ: ಪೂರ್ವಕ್ಕೆ: ರಸ್ತೆ, ಪಶ್ಚಿಮಕ್ಕೆ: ಖಾಸಗಿ ಸ್ವತ್ತು
13.	ಶ್ರೀ. ರಘುನಾಥ್ ಎಸ್.	ತಗಾದೆ ನೋಟೀಸ್ ದಿನಾಂಕ: 29.05.2025
ಸ್ವಾಧೀನ ನೋಟೀಸ್ ದಿನಾಂಕ: 06.10.2025
ದಿನಾಂಕ: 06.10.2025 ಕ್ಕೆ
ರೂ. 2,36,12,725/-
ಸೈಟ್ ನಂ. 50, ಸರ್ವೆ ನಂ. 369/338/300, in converted Sy. No. 20/4 (Converted for agricultural to Non-Agricultural residency purpose, vide official Memorandum No. ALN/SR(S)369/91-92, dtd. 23.05.1992, issued by the Special Deputy Commissioner), ಬೆಂಗಳೂರು. ಅಳತೆ: ಪೂರ್ವ-ಪಶ್ಚಿಮ 50 ಅಡಿ, ಉತ್ತರ-ದಕ್ಷಿಣ 80 ಅಡಿ. ಚಕ್ಕುಬಂದಿ: ಪೂರ್ವಕ್ಕೆ: ಸೈಟ್ ನಂ. 237, ಪಶ್ಚಿಮಕ್ಕೆ: 40 ಅಡಿ ರಸ್ತೆ, ಉತ್ತರಕ್ಕೆ: ಸೈಟ್ ನಂ. 301, ದಕ್ಷಿಣಕ್ಕೆ: ಸೈಟ್ ನಂ. 299
14.	ಶ್ರೀಮತಿ. ಲಕ್ಷ್ಮಿ ಜಿ.	ತಗಾದೆ ನೋಟೀಸ್ ದಿನಾಂಕ: 10.06.2025
ಸ್ವಾಧೀನ ನೋಟೀಸ್ ದಿನಾಂಕ: 06.10.2025
ದಿನಾಂಕ: 06.10.2025 ಕ್ಕೆ
ರೂ. 55,64,190/-
ಸ್ವತ್ತು ನಂ. 64, ಹಳೆ ನಂ. 170, ಜೆ.ಪಿ. ನಗರ, ಬೆಂಗಳೂರು, ವಾರ್ಡ್ ನಂ. 64, ಪಿ.ಐ.ಡಿ. ನಂ. 64-144-579. ಅಳತೆ: ಪೂರ್ವ-ಪಶ್ಚಿಮ 40 ಅಡಿ, ಉತ್ತರ-ದಕ್ಷಿಣ 60 ಅಡಿ. ಚಕ್ಕುಬಂದಿ: ಪೂರ್ವಕ್ಕೆ: ರಸ್ತೆ, ಪಶ್ಚಿಮಕ್ಕೆ: ಸೈಟ್ ನಂ. 578, ದಕ್ಷಿಣಕ್ಕೆ: ಸೈಟ್ ನಂ. 580
ಜಯನಗರ ಶಾಖೆ:
15.	ಶ್ರೀ. ರೋಹಿತ್ ಬಿ.ಆರ್.	ತಗಾದೆ ನೋಟೀಸ್ ದಿನಾಂಕ: 14.07.2025
ಸ್ವಾಧೀನ ನೋಟೀಸ್ ದಿನಾಂಕ: 06.10.2025
ದಿನಾಂಕ: 06.10.2025 ಕ್ಕೆ
ರೂ. 49,16,968/-
ನಂ. 8/7, ಹಳೆ ನಂ. 24/5 (ಜಯನಗರ 2ನೇ ಬ್ಲಾಕ್), ಬೆಂಗಳೂರು, ವಾರ್ಡ್ ನಂ. 132, ಪಿ.ಐ.ಡಿ. ನಂ. 40-108-8/7. ಅಳತೆ: ಪೂರ್ವ-ಪಶ್ಚಿಮ 30 ಅಡಿ, ಉತ್ತರ-ದಕ್ಷಿಣ 40 ಅಡಿ. ಚಕ್ಕುಬಂದಿ: ಪೂರ್ವಕ್ಕೆ: ರಸ್ತೆ, ಪಶ್ಚಿಮಕ್ಕೆ: ಸ್ವತ್ತು ನಂ. 8/6, ಉತ್ತರಕ್ಕೆ: ಸ್ವತ್ತು ನಂ. 8/8
16.	ಶ್ರೀ. ಮಂಜುನಾಥ್ ಡಿ. & ಶ್ರೀಮತಿ. ಸೌಮ್ಯ
ತಗಾದೆ ನೋಟೀಸ್ ದಿನಾಂಕ: 14.07.2025
ಸ್ವಾಧೀನ ನೋಟೀಸ್ ದಿನಾಂಕ: 06.10.2025
ದಿನಾಂಕ: 06.10.2025 ಕ್ಕೆ
ರೂ. 44,64,483/-
ಪ್ಲಾಟ್ ನಂ. 41, ಪಿ.ಐ.ಡಿ. ನಂ. 7874448503, ಹುಳಿಮಾವು, ಬೆಂಗಳೂರು, ಖಾತಾ ನಂ. 468/455/24/41, ವಾರ್ಡ್ ನಂ. 41. ಅಳತೆ: ಪೂರ್ವ-ಪಶ್ಚಿಮ 30 ಅಡಿ, ಉತ್ತರ-ದಕ್ಷಿಣ 40 ಅಡಿ. ಚಕ್ಕುಬಂದಿ: ಪೂರ್ವಕ್ಕೆ: ಪ್ಲಾಟ್ ನಂ. 40, ಪಶ್ಚಿಮಕ್ಕೆ: ರಸ್ತೆ, ಉತ್ತರಕ್ಕೆ: ಖಾಸಗಿ ಸ್ವತ್ತು, ದಕ್ಷಿಣಕ್ಕೆ: ಪ್ಲಾಟ್ ನಂ. 42
17.	ಶ್ರೀ. ಚಂದ್ರಶೇಖರ್ ಬಿ.ಎಸ್.	ತಗಾದೆ ನೋಟೀಸ್ ದಿನಾಂಕ: 18.06.2025
ಸ್ವಾಧೀನ ನೋಟೀಸ್ ದಿನಾಂಕ: 06.10.2025
ದಿನಾಂಕ: 06.10.2025 ಕ್ಕೆ
ರೂ. 31,21,383/-
ಮೊದಲನೇ ಸ್ವತ್ತು ನಂ. 11, ಹಳೆ ನಂ. 09, 5ನೇ ಕ್ರಾಸ್, ಬೆಂಗಳೂರು, ಪಿ.ಐ.ಡಿ. ನಂ. 157-69-11. ಅಳತೆ: ಪೂರ್ವ-ಪಶ್ಚಿಮ 25 ಅಡಿ, ಉತ್ತರ-ದಕ್ಷಿಣ 40 ಅಡಿ. ಚಕ್ಕುಬಂದಿ: ಪೂರ್ವಕ್ಕೆ: ಸ್ವತ್ತು ನಂ. 12, ಪಶ್ಚಿಮಕ್ಕೆ: ಸ್ವತ್ತು ನಂ. 10, ಉತ್ತರಕ್ಕೆ: ರಸ್ತೆ
18.	ಶ್ರೀ. ಪ್ರಸಾದ್	ತಗಾದೆ ನೋಟೀಸ್ ದಿನಾಂಕ: 20.06.2025
ಸ್ವಾಧೀನ ನೋಟೀಸ್ ದಿನಾಂಕ: 06.10.2025
ದಿನಾಂಕ: 06.10.2025 ಕ್ಕೆ
ರೂ. 24,74,581/-
ಸ್ವತ್ತು ನಂ. 893Z (1), ಇ-ಖಾತಾ ನಂ. 645070151, ಪಿ.ಐ.ಡಿ. ನಂ. 40-216-893/Z-1, ಬೆಂಗಳೂರು, ವಾರ್ಡ್ ನಂ. 132. ಅಳತೆ: ಪೂರ್ವ-ಪಶ್ಚಿಮ 20 ಅಡಿ, ಉತ್ತರ-ದಕ್ಷಿಣ 30 ಅಡಿ. ಚಕ್ಕುಬಂದಿ: ಪೂರ್ವಕ್ಕೆ: ಸ್ವತ್ತು ನಂ. 20-24/2, ಪಶ್ಚಿಮಕ್ಕೆ: ರಸ್ತೆ, ಉತ್ತರಕ್ಕೆ: ಸ್ವತ್ತು ನಂ. 893/Z, ದಕ್ಷಿಣಕ್ಕೆ: ಸ್ವತ್ತು ನಂ. 894
ಬಿಟಿಎಂ ಲೇಔಟ್ ಶಾಖೆ:
19.	ಶ್ರೀ. ಎಸ್. ಉಮಾಶಂಕರ್	ತಗಾದೆ ನೋಟೀಸ್ ದಿನಾಂಕ: 29.07.2025
ಸ್ವಾಧೀನ ನೋಟೀಸ್ ದಿನಾಂಕ: 06.10.2025
ದಿನಾಂಕ: 06.10.2025 ಕ್ಕೆ
ರೂ. 27,68,531/-
ಸೈಟ್ ನಂ. 267, EWS ಎಸ್ಟೇಟ್, ಬಿ.ಟಿ.ಎಂ. ಲೇಔಟ್, ಬೆಂಗಳೂರು, ಪಿ.ಐ.ಡಿ. ನಂ. 31-514-301, 1ನೇ ಕ್ರಾಸ್, ಅಳತೆ: ಪೂರ್ವ-ಪಶ್ಚಿಮ 20 ಅಡಿ, ಉತ್ತರ-ದಕ್ಷಿಣ 30 ಅಡಿ. ಚಕ್ಕುಬಂದಿ: ಪೂರ್ವಕ್ಕೆ: ಸೈಟ್ ನಂ. 266 EWS, ಪಶ್ಚಿಮಕ್ಕೆ: ಸೈಟ್ ನಂ. 268 EWS, ಉತ್ತರಕ್ಕೆ: ರಸ್ತೆ, ದಕ್ಷಿಣಕ್ಕೆ: ಖಾಸಗಿ ಸ್ವತ್ತು
ಸ್ಥಳ : ಬೆಂಗಳೂರು
ದಿನಾಂಕ : 10.10.2025
ಸಹಿ/- ಅಧಿಕೃತ ಅಧಿಕಾರಿ
ದಿ ಬೆಂಗಳೂರು ಸಿಟಿ ಕೋ-ಆಪರೇಟಿವ್ ಬ್ಯಾಂಕ್ ಲಿ.
